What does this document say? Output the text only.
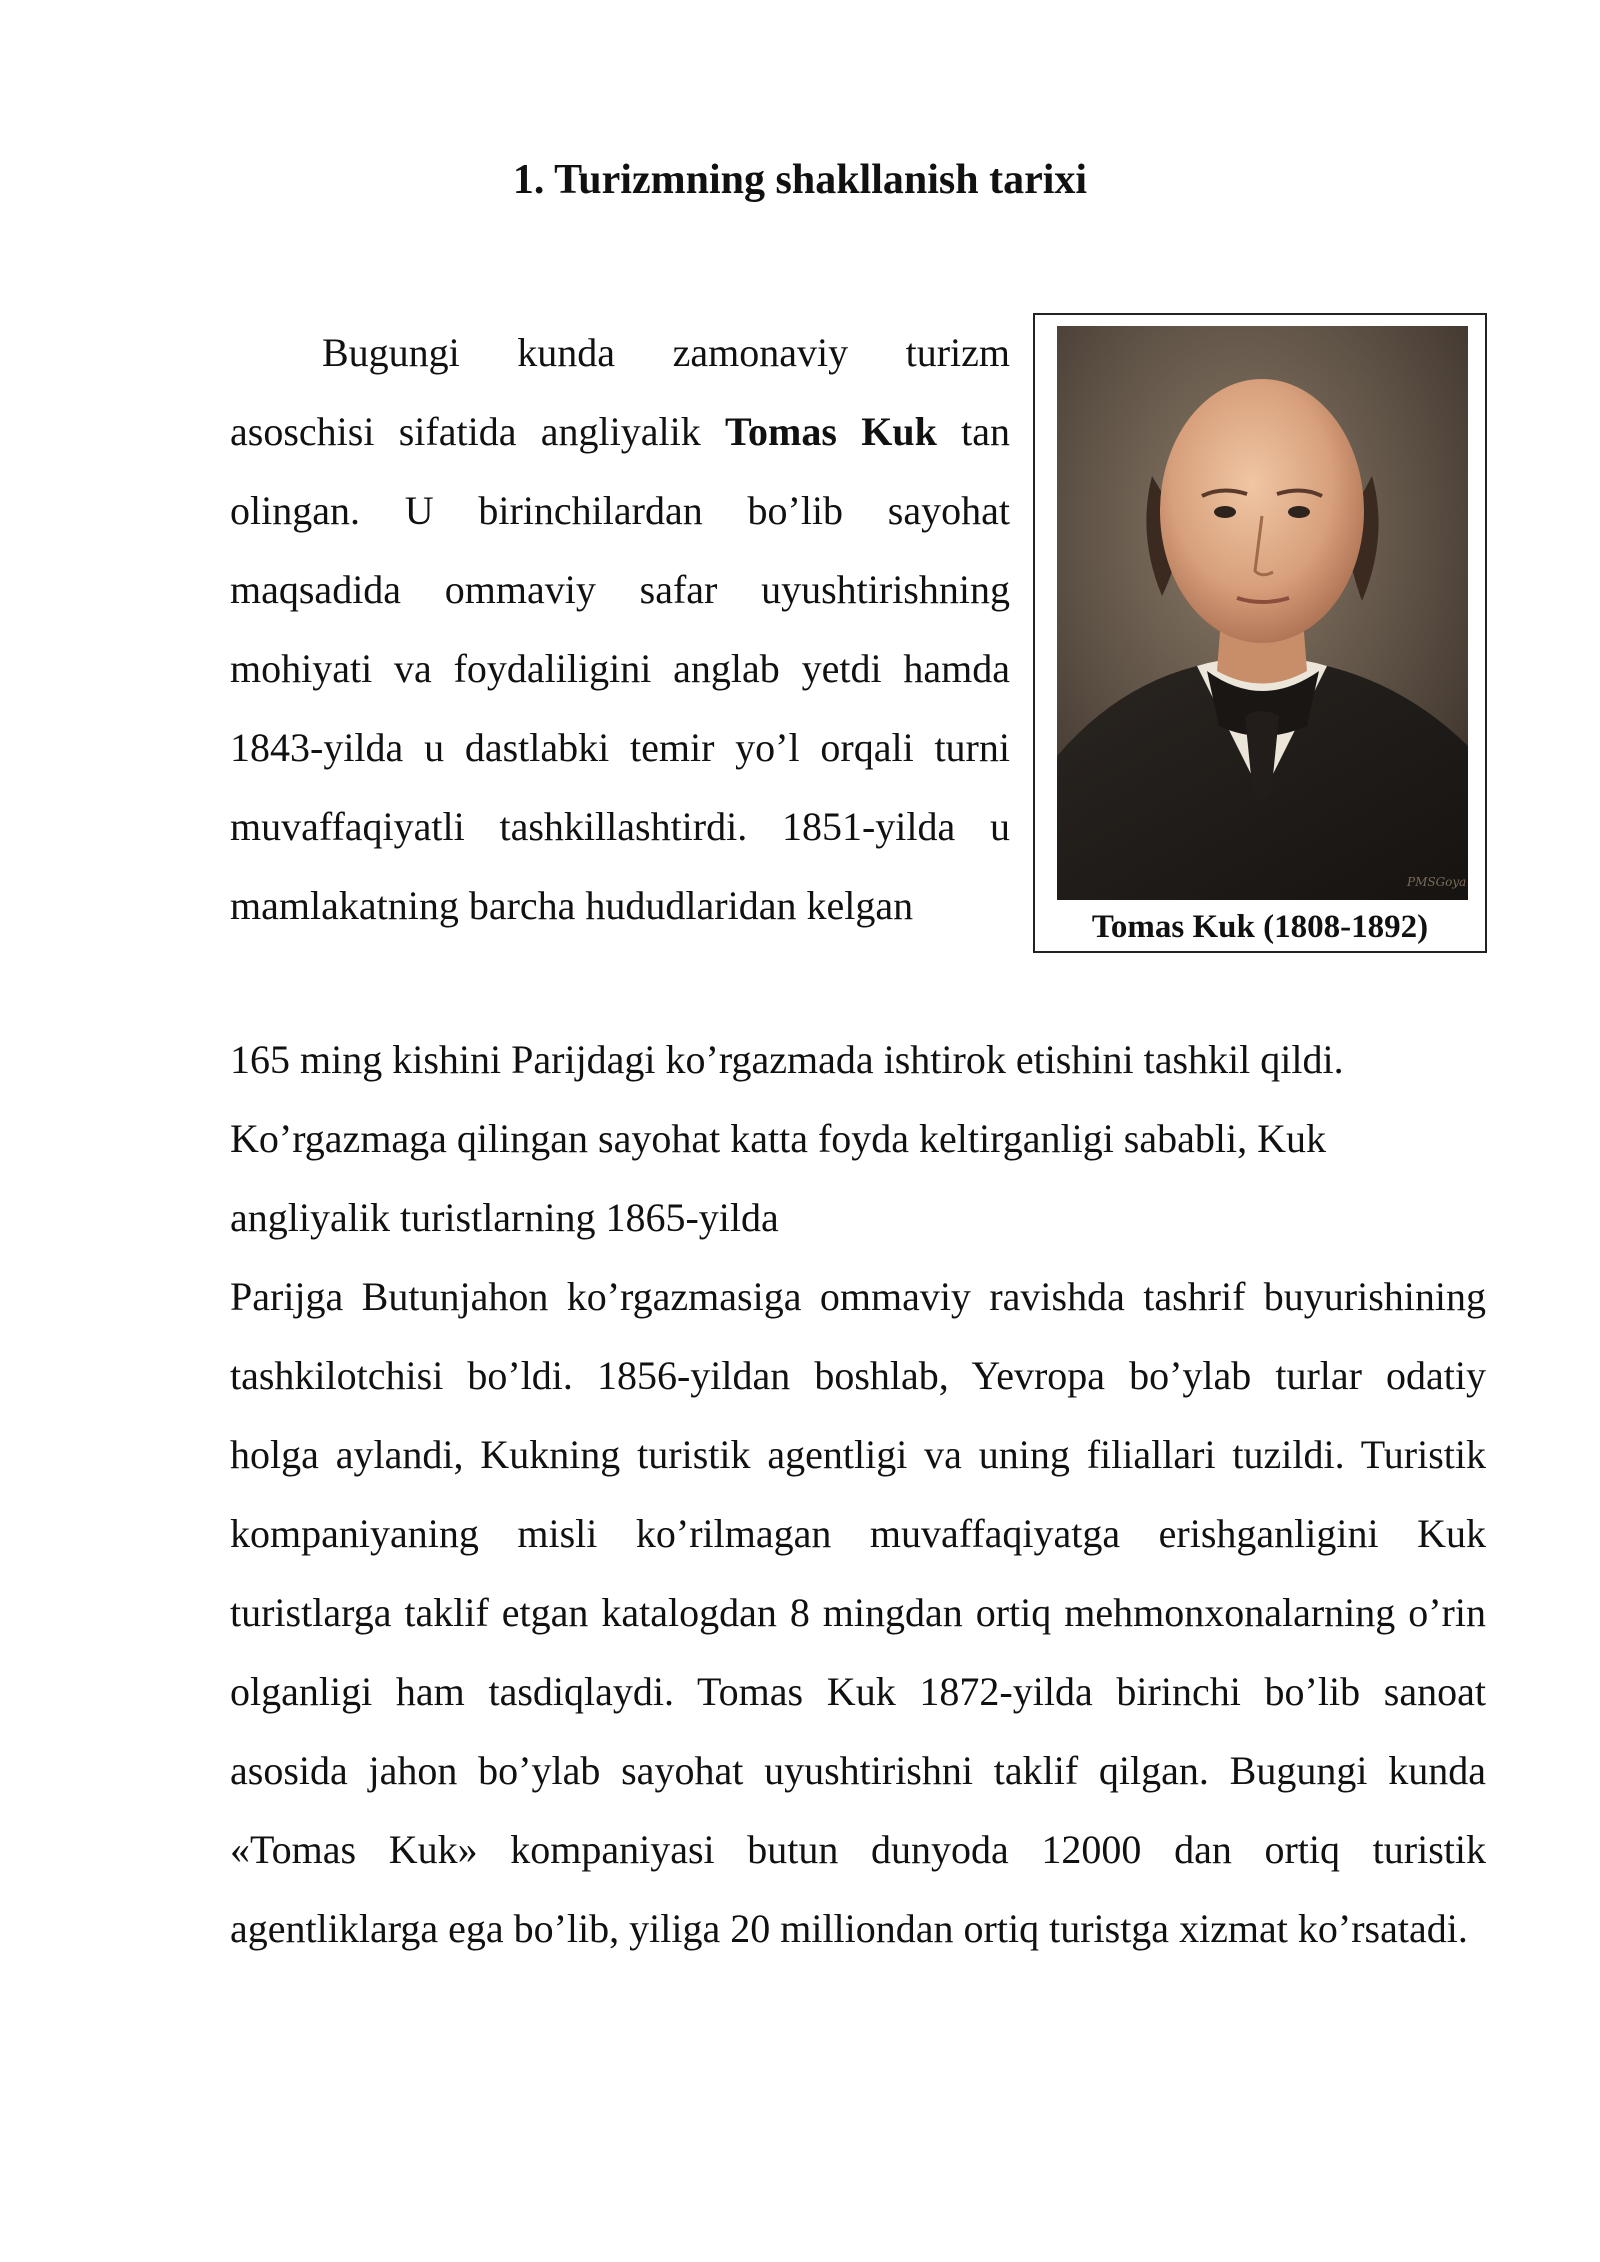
1. Turizmning shakllanish tarixi
PMSGoya
Tomas Kuk (1808-1892)
Bugungi kunda zamonaviy turizm asoschisi sifatida angliyalik Tomas Kuk tan olingan. U birinchilardan bo’lib sayohat maqsadida ommaviy safar uyushtirishning mohiyati va foydaliligini anglab yetdi hamda 1843-yilda u dastlabki temir yo’l orqali turni muvaffaqiyatli tashkillashtirdi. 1851-yilda u mamlakatning barcha hududlaridan kelgan
165 ming kishini Parijdagi ko’rgazmada ishtirok etishini tashkil qildi.
Ko’rgazmaga qilingan sayohat katta foyda keltirganligi sababli, Kuk
angliyalik turistlarning 1865-yilda
Parijga Butunjahon ko’rgazmasiga ommaviy ravishda tashrif buyurishining tashkilotchisi bo’ldi. 1856-yildan boshlab, Yevropa bo’ylab turlar odatiy holga aylandi, Kukning turistik agentligi va uning filiallari tuzildi. Turistik kompaniyaning misli ko’rilmagan muvaffaqiyatga erishganligini Kuk turistlarga taklif etgan katalogdan 8 mingdan ortiq mehmonxonalarning o’rin olganligi ham tasdiqlaydi. Tomas Kuk 1872-yilda birinchi bo’lib sanoat asosida jahon bo’ylab sayohat uyushtirishni taklif qilgan. Bugungi kunda «Tomas Kuk» kompaniyasi butun dunyoda 12000 dan ortiq turistik agentliklarga ega bo’lib, yiliga 20 milliondan ortiq turistga xizmat ko’rsatadi.
